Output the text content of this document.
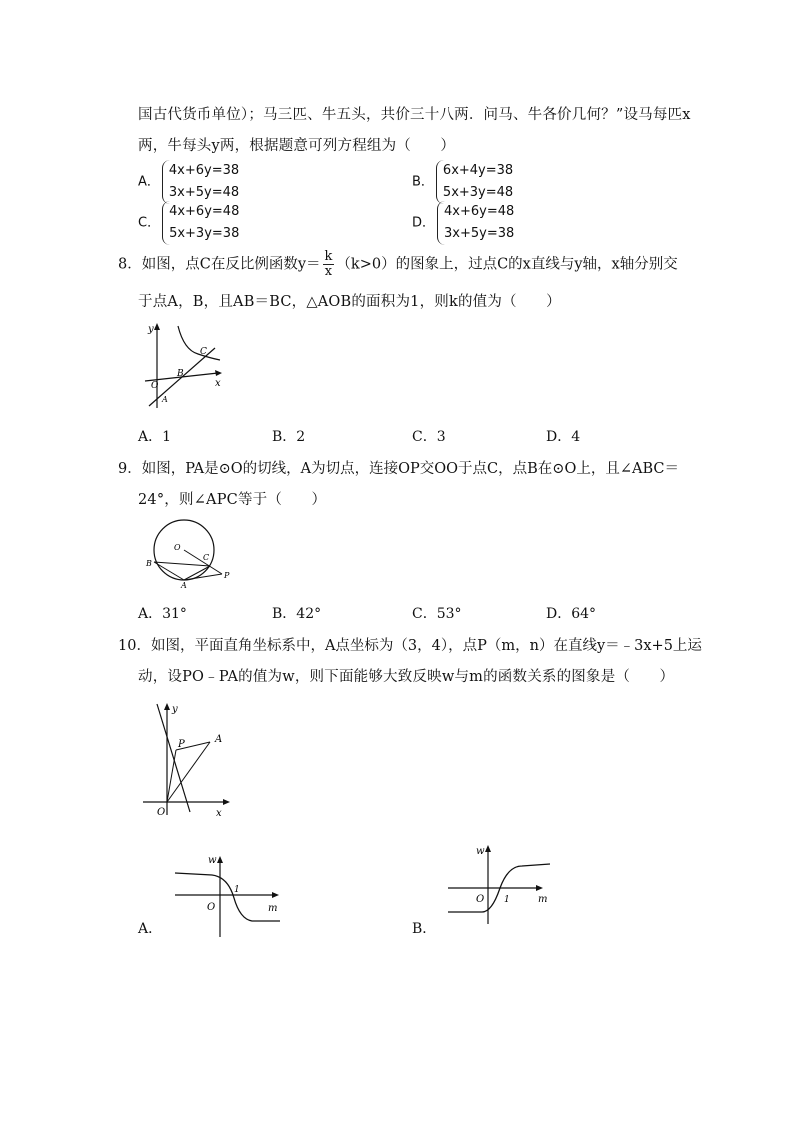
国古代货币单位）；马三匹、牛五头，共价三十八两．问马、牛各价几何？”设马每匹x
两，牛每头y两，根据题意可列方程组为（　　）
A．
4x+6y=38
3x+5y=48
B．
6x+4y=38
5x+3y=48
C．
4x+6y=48
5x+3y=38
D．
4x+6y=48
3x+5y=38
8．如图，点C在反比例函数$y= \frac{k}{x} (k>0)$的图象上，过点C的x直线与y轴，x轴分别交
于点A，B，且AB＝BC，△AOB的面积为1，则k的值为（　　）
y
x
O
A
B
C
A．1	B．2	C．3	D．4
9．如图，PA是⊙O的切线，A为切点，连接OP交OO于点C，点B在⊙O上，且∠ABC＝
24°，则∠APC等于（　　）
O
C
B
A
P
A．31°	B．42°	C．53°	D．64°
10．如图，平面直角坐标系中，A点坐标为（3，4），点P（m，n）在直线y＝﹣3x+5上运
动，设PO﹣PA的值为w，则下面能够大致反映w与m的函数关系的图象是（　　）
y
x
O
P	A
w
O
1
m
A．
w
O 1	m
B．
